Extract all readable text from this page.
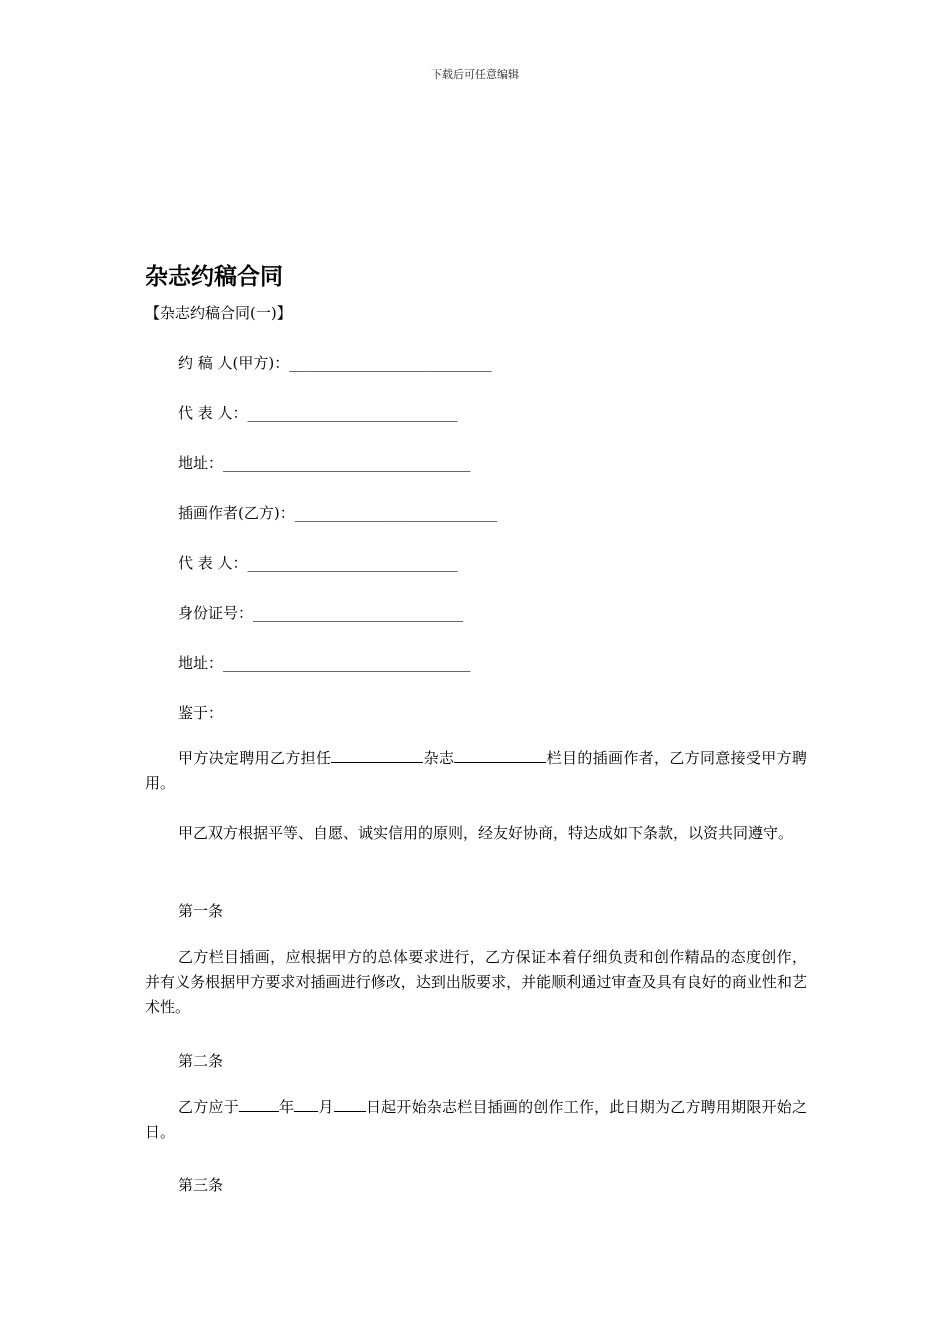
下载后可任意编辑
杂志约稿合同
【杂志约稿合同(一)】
约 稿 人(甲方)：___________________________
代 表 人：____________________________
地址：_________________________________
插画作者(乙方)：___________________________
代 表 人：____________________________
身份证号：____________________________
地址：_________________________________
鉴于：
甲方决定聘用乙方担任	杂志	栏目的插画作者，乙方同意接受甲方聘用。
甲乙双方根据平等、自愿、诚实信用的原则，经友好协商，特达成如下条款，以资共同遵守。
第一条
乙方栏目插画，应根据甲方的总体要求进行，乙方保证本着仔细负责和创作精品的态度创作，并有义务根据甲方要求对插画进行修改，达到出版要求，并能顺利通过审查及具有良好的商业性和艺术性。
第二条
乙方应于	年 月 日起开始杂志栏目插画的创作工作，此日期为乙方聘用期限开始之日。
第三条
